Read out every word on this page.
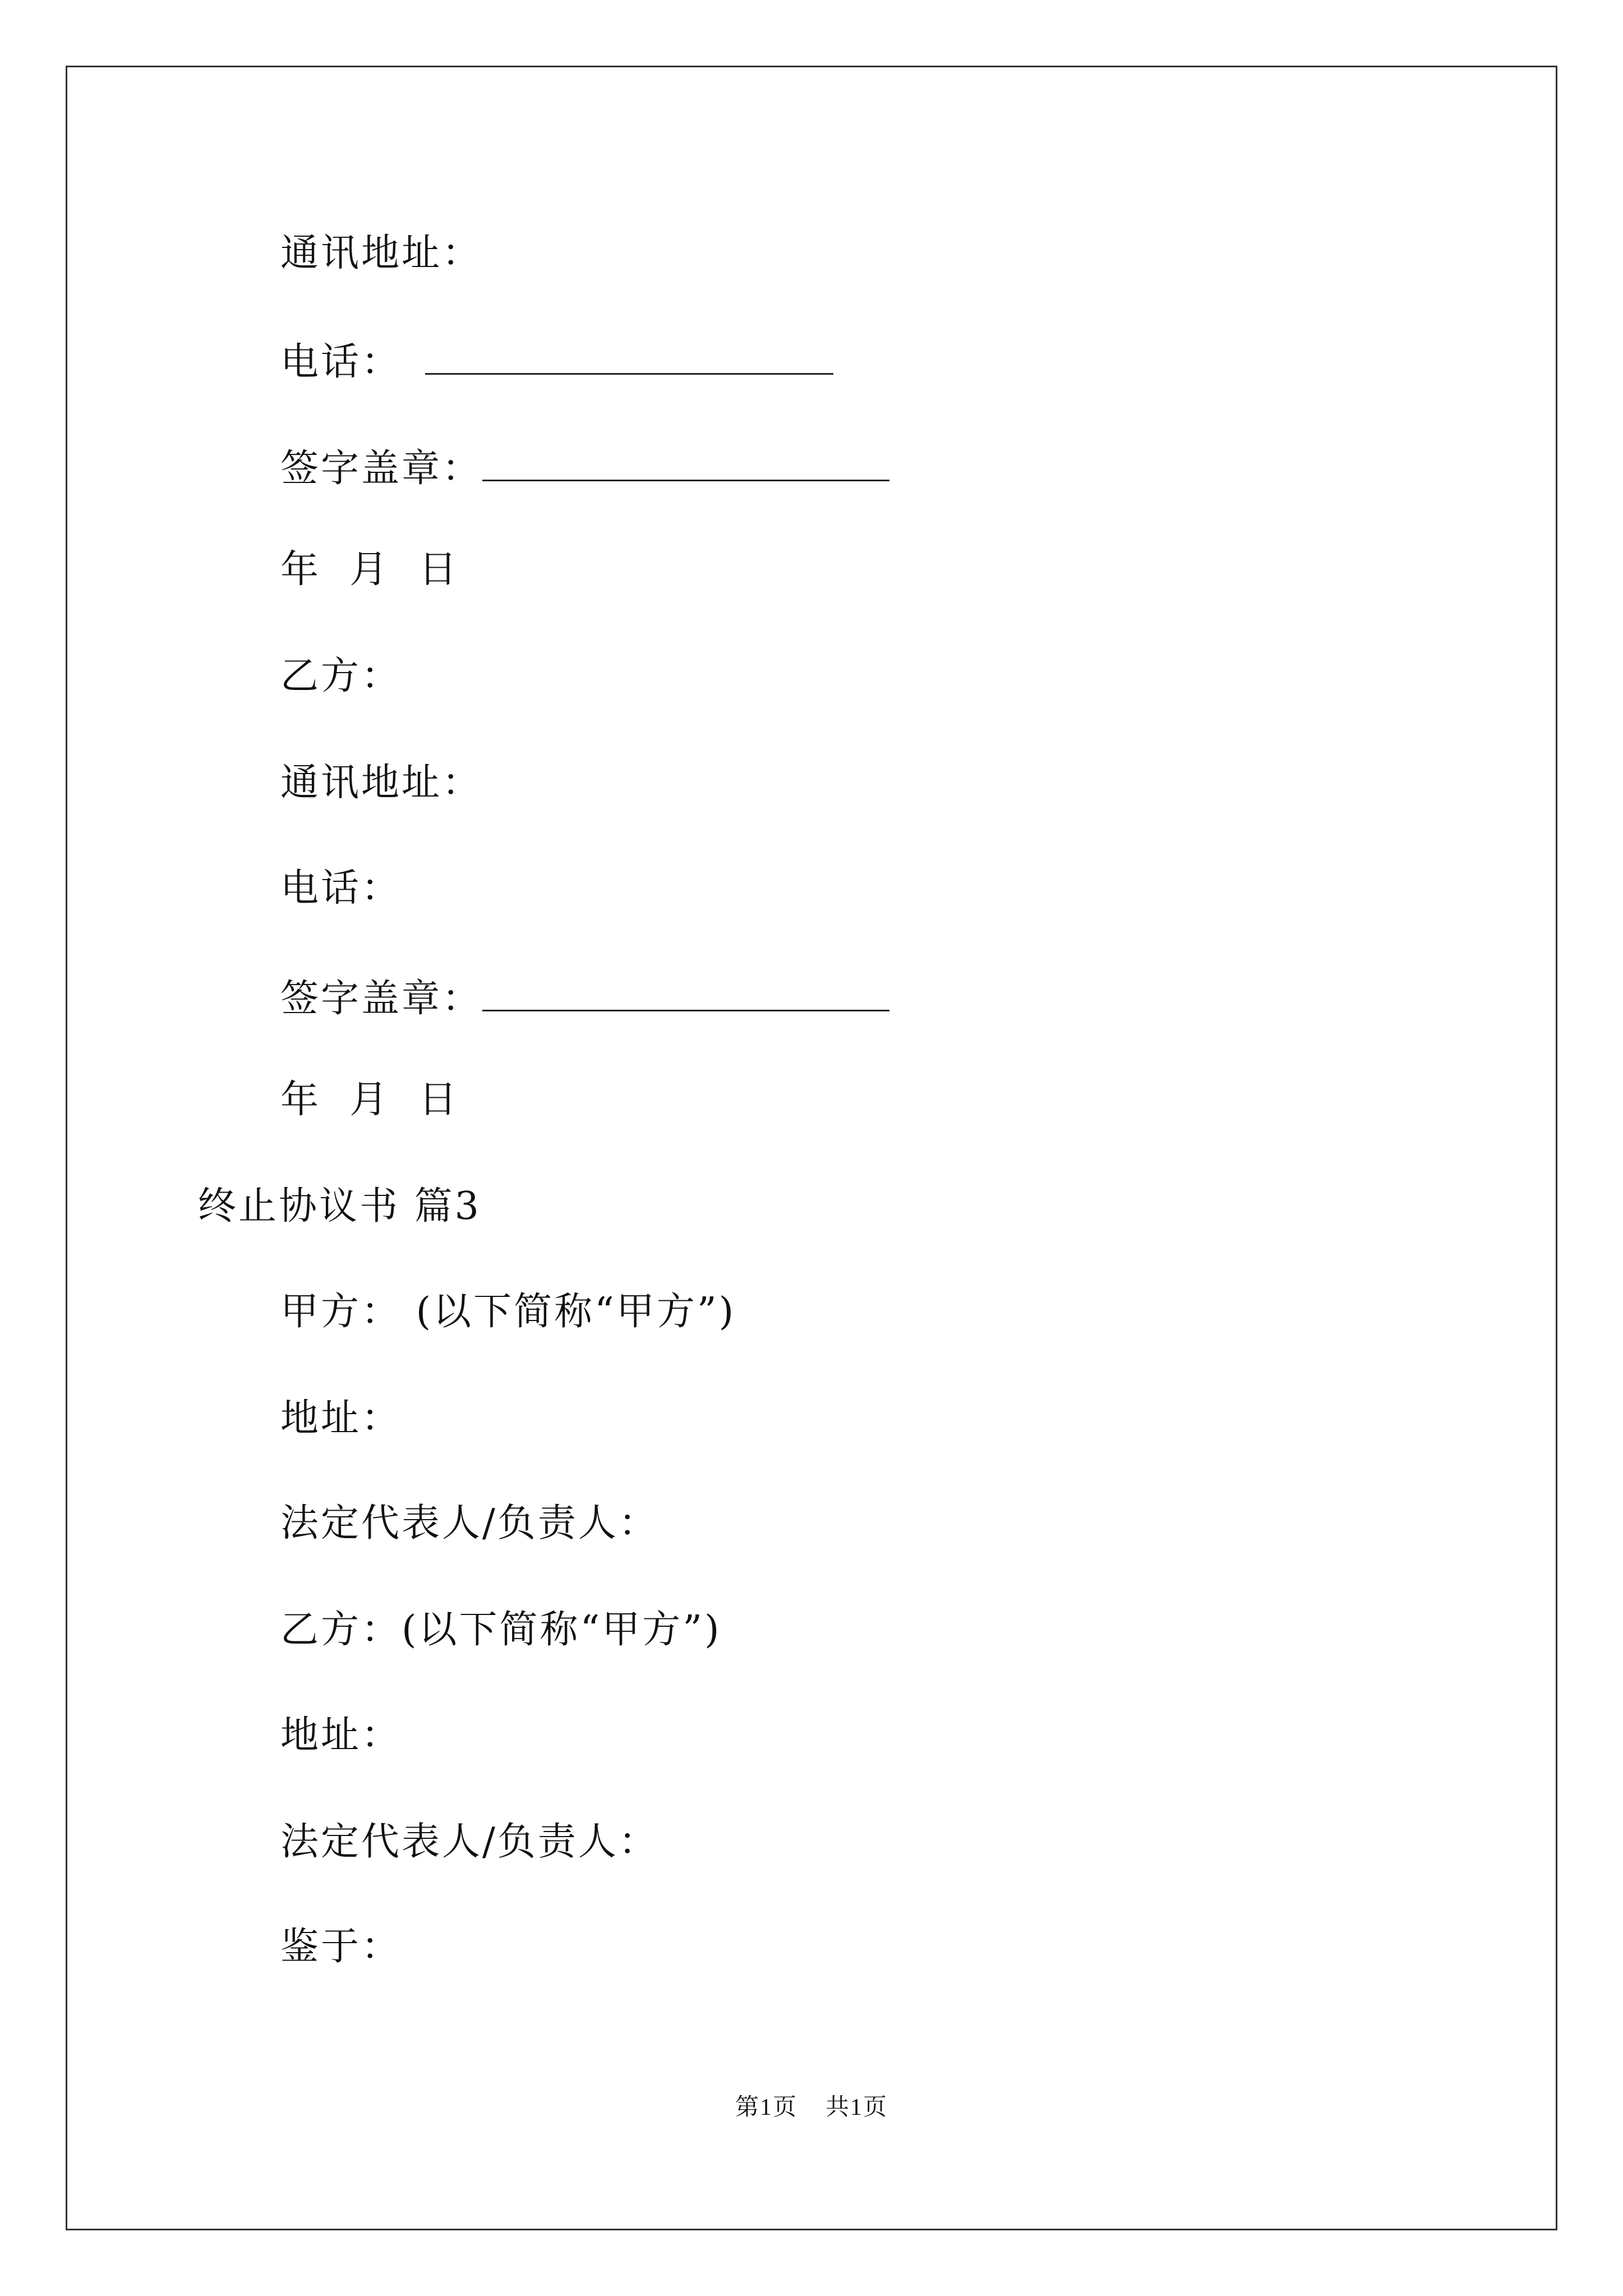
通讯地址：
电话：
签字盖章：
年  月  日
乙方：
通讯地址：
电话：
签字盖章：
年  月  日
终止协议书 篇3
甲方： (以下简称“甲方”)
地址：
法定代表人/负责人：
乙方：(以下简称“甲方”)
地址：
法定代表人/负责人：
鉴于：
第1页 共1页
